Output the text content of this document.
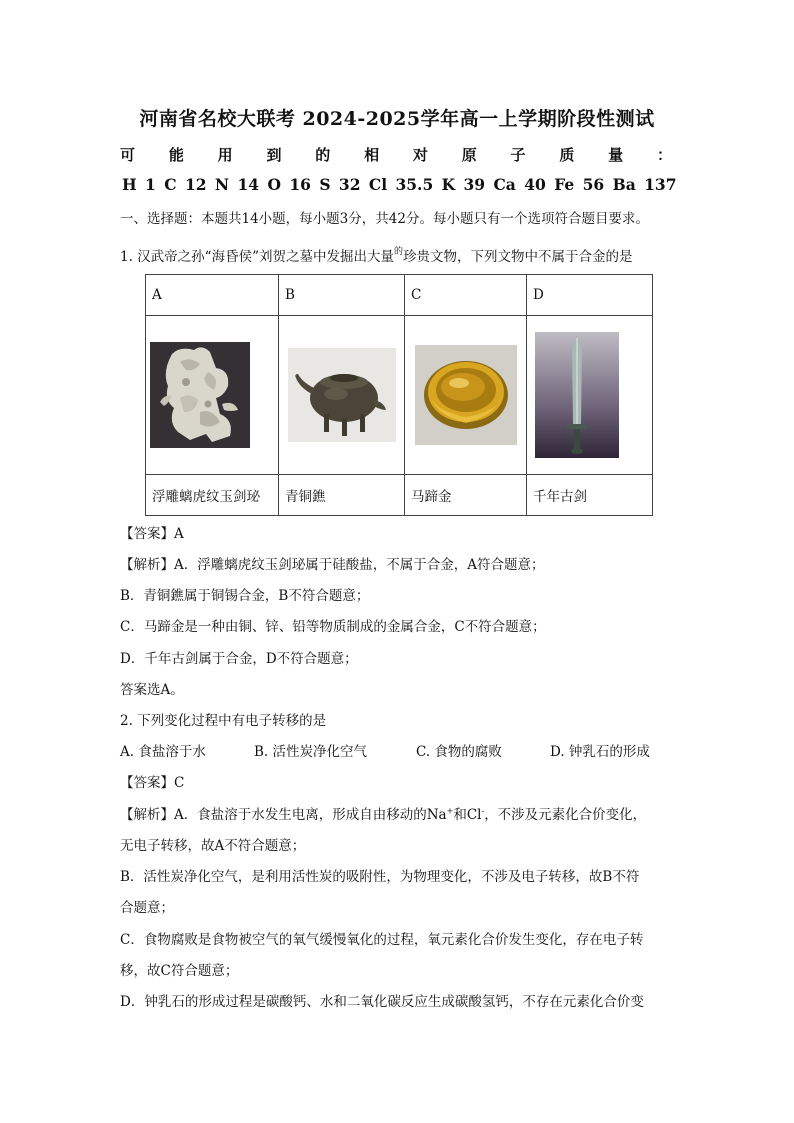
河南省名校大联考 2024-2025学年高一上学期阶段性测试
可 能 用 到 的 相 对 原 子 质 量 ：
H 1 C 12 N 14 O 16 S 32 Cl 35.5 K 39 Ca 40 Fe 56 Ba 137
一、选择题：本题共14小题，每小题3分，共42分。每小题只有一个选项符合题目要求。
1. 汉武帝之孙“海昏侯”刘贺之墓中发掘出大量$^的$珍贵文物，下列文物中不属于合金的是
A	B	C	D

浮雕螭虎纹玉剑珌	青铜鐎	马蹄金	千年古剑
【答案】A
【解析】A．浮雕螭虎纹玉剑珌属于硅酸盐，不属于合金，A符合题意；
B．青铜鐎属于铜锡合金，B不符合题意；
C．马蹄金是一种由铜、锌、铅等物质制成的金属合金，C不符合题意；
D．千年古剑属于合金，D不符合题意；
答案选A。
2. 下列变化过程中有电子转移的是
A. 食盐溶于水	B. 活性炭净化空气	C. 食物的腐败	D. 钟乳石的形成
【答案】C
【解析】A．食盐溶于水发生电离，形成自由移动的Na+和Cl-，不涉及元素化合价变化，
无电子转移，故A不符合题意；
B．活性炭净化空气，是利用活性炭的吸附性，为物理变化，不涉及电子转移，故B不符
合题意；
C．食物腐败是食物被空气的氧气缓慢氧化的过程，氧元素化合价发生变化，存在电子转
移，故C符合题意；
D．钟乳石的形成过程是碳酸钙、水和二氧化碳反应生成碳酸氢钙，不存在元素化合价变
